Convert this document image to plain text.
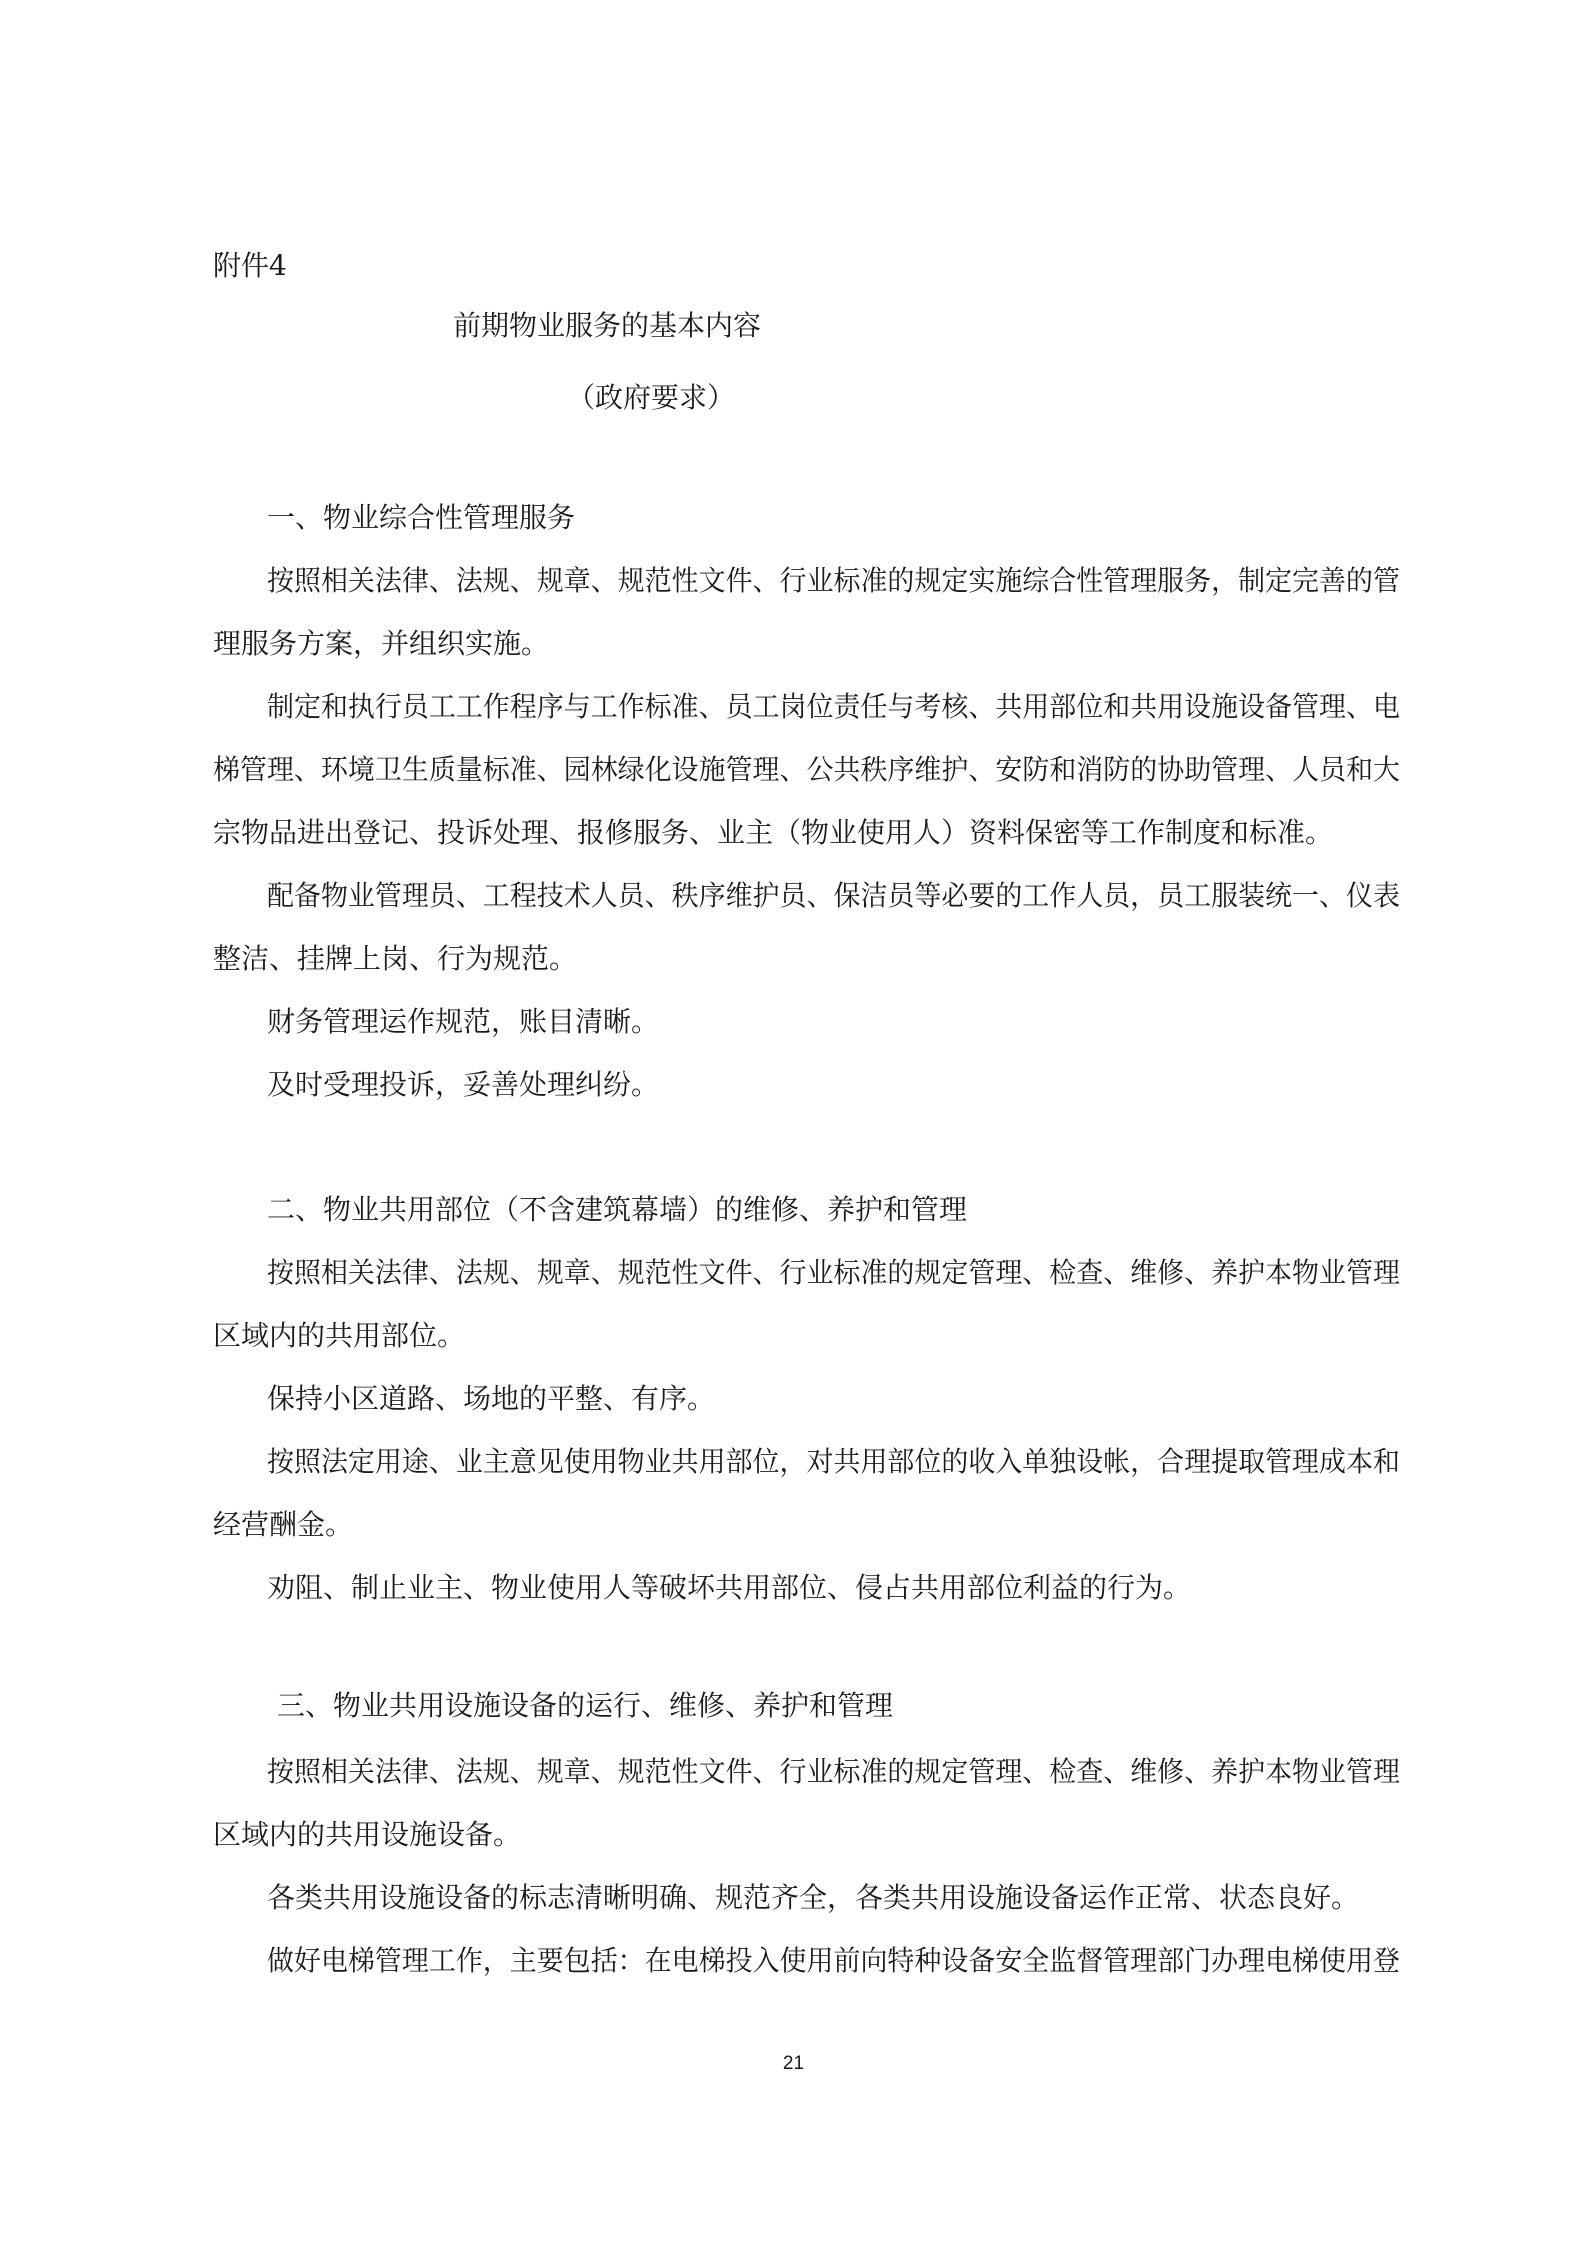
附件4
前期物业服务的基本内容
（政府要求）
一、物业综合性管理服务
按照相关法律、法规、规章、规范性文件、行业标准的规定实施综合性管理服务，制定完善的管
理服务方案，并组织实施。
制定和执行员工工作程序与工作标准、员工岗位责任与考核、共用部位和共用设施设备管理、电
梯管理、环境卫生质量标准、园林绿化设施管理、公共秩序维护、安防和消防的协助管理、人员和大
宗物品进出登记、投诉处理、报修服务、业主（物业使用人）资料保密等工作制度和标准。
配备物业管理员、工程技术人员、秩序维护员、保洁员等必要的工作人员，员工服装统一、仪表
整洁、挂牌上岗、行为规范。
财务管理运作规范，账目清晰。
及时受理投诉，妥善处理纠纷。
二、物业共用部位（不含建筑幕墙）的维修、养护和管理
按照相关法律、法规、规章、规范性文件、行业标准的规定管理、检查、维修、养护本物业管理
区域内的共用部位。
保持小区道路、场地的平整、有序。
按照法定用途、业主意见使用物业共用部位，对共用部位的收入单独设帐，合理提取管理成本和
经营酬金。
劝阻、制止业主、物业使用人等破坏共用部位、侵占共用部位利益的行为。
三、物业共用设施设备的运行、维修、养护和管理
按照相关法律、法规、规章、规范性文件、行业标准的规定管理、检查、维修、养护本物业管理
区域内的共用设施设备。
各类共用设施设备的标志清晰明确、规范齐全，各类共用设施设备运作正常、状态良好。
做好电梯管理工作，主要包括：在电梯投入使用前向特种设备安全监督管理部门办理电梯使用登
21
